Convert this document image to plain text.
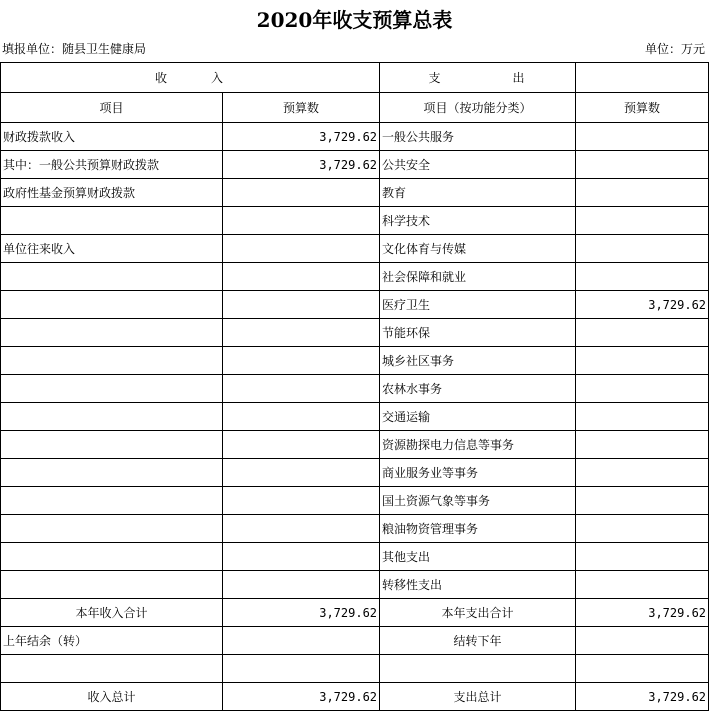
2020年收支预算总表
填报单位：随县卫生健康局	单位：万元
收　　　入		支　　　　　出	
项目	预算数	项目（按功能分类）	预算数
财政拨款收入	3,729.62	一般公共服务	
其中：一般公共预算财政拨款	3,729.62	公共安全	
政府性基金预算财政拨款		教育	
		科学技术	
单位往来收入		文化体育与传媒	
		社会保障和就业	
		医疗卫生	3,729.62
		节能环保	
		城乡社区事务	
		农林水事务	
		交通运输	
		资源勘探电力信息等事务	
		商业服务业等事务	
		国土资源气象等事务	
		粮油物资管理事务	
		其他支出	
		转移性支出	
本年收入合计	3,729.62	本年支出合计	3,729.62
上年结余（转）		结转下年	

收入总计	3,729.62	支出总计	3,729.62
